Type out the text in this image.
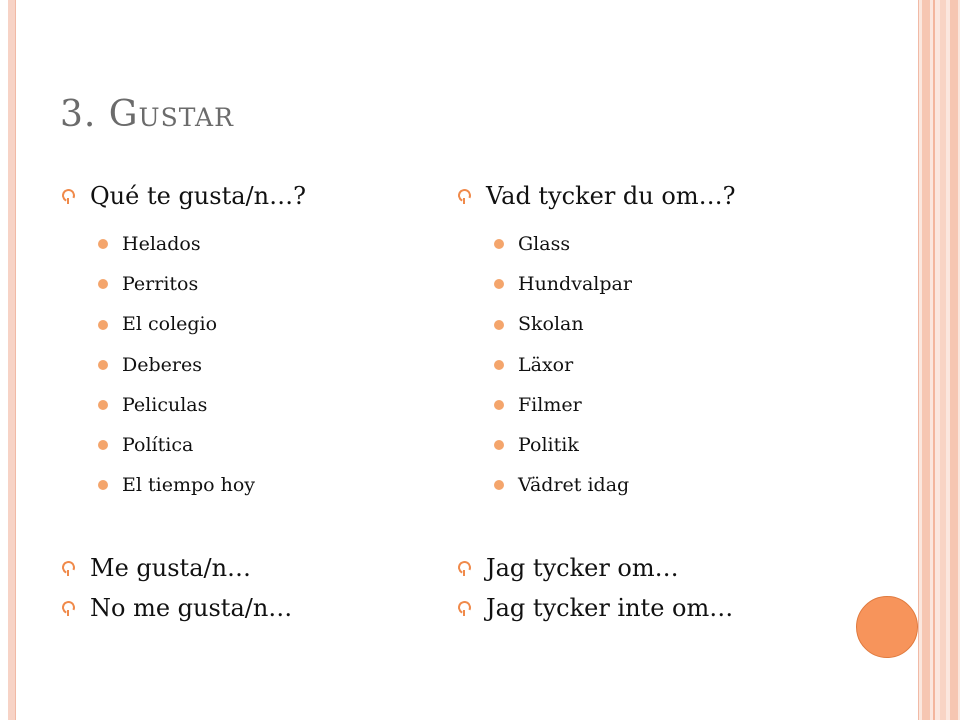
3. Gustar
Qué te gusta/n…?
Helados
Perritos
El colegio
Deberes
Peliculas
Política
El tiempo hoy
Vad tycker du om…?
Glass
Hundvalpar
Skolan
Läxor
Filmer
Politik
Vädret idag
Me gusta/n…
No me gusta/n…
Jag tycker om…
Jag tycker inte om…
